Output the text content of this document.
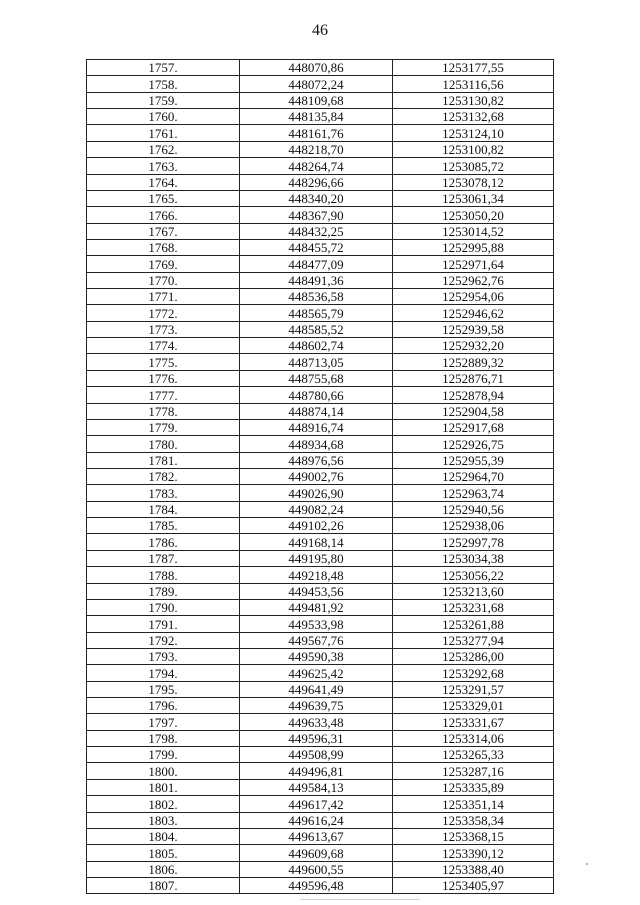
46
1757.	448070,86	1253177,55
1758.	448072,24	1253116,56
1759.	448109,68	1253130,82
1760.	448135,84	1253132,68
1761.	448161,76	1253124,10
1762.	448218,70	1253100,82
1763.	448264,74	1253085,72
1764.	448296,66	1253078,12
1765.	448340,20	1253061,34
1766.	448367,90	1253050,20
1767.	448432,25	1253014,52
1768.	448455,72	1252995,88
1769.	448477,09	1252971,64
1770.	448491,36	1252962,76
1771.	448536,58	1252954,06
1772.	448565,79	1252946,62
1773.	448585,52	1252939,58
1774.	448602,74	1252932,20
1775.	448713,05	1252889,32
1776.	448755,68	1252876,71
1777.	448780,66	1252878,94
1778.	448874,14	1252904,58
1779.	448916,74	1252917,68
1780.	448934,68	1252926,75
1781.	448976,56	1252955,39
1782.	449002,76	1252964,70
1783.	449026,90	1252963,74
1784.	449082,24	1252940,56
1785.	449102,26	1252938,06
1786.	449168,14	1252997,78
1787.	449195,80	1253034,38
1788.	449218,48	1253056,22
1789.	449453,56	1253213,60
1790.	449481,92	1253231,68
1791.	449533,98	1253261,88
1792.	449567,76	1253277,94
1793.	449590,38	1253286,00
1794.	449625,42	1253292,68
1795.	449641,49	1253291,57
1796.	449639,75	1253329,01
1797.	449633,48	1253331,67
1798.	449596,31	1253314,06
1799.	449508,99	1253265,33
1800.	449496,81	1253287,16
1801.	449584,13	1253335,89
1802.	449617,42	1253351,14
1803.	449616,24	1253358,34
1804.	449613,67	1253368,15
1805.	449609,68	1253390,12
1806.	449600,55	1253388,40
1807.	449596,48	1253405,97
